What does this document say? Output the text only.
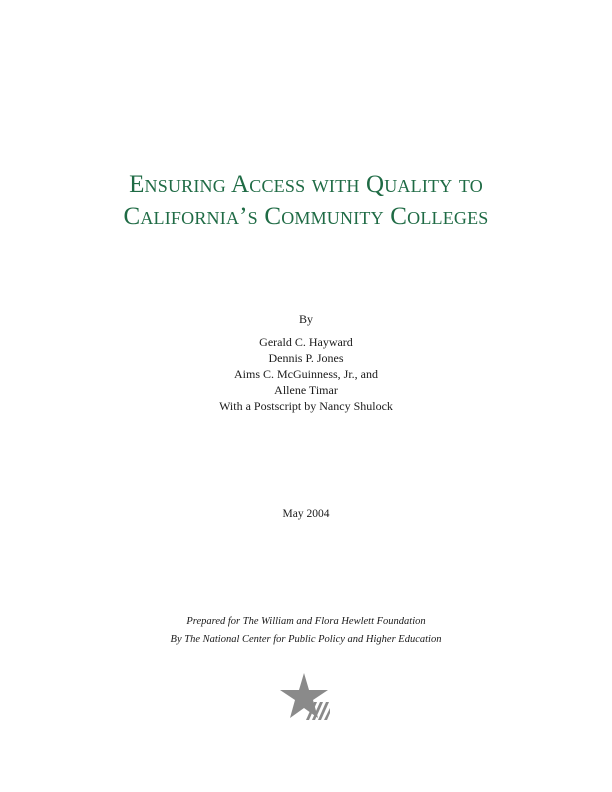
Ensuring Access with Quality to
California’s Community Colleges
By
Gerald C. Hayward
Dennis P. Jones
Aims C. McGuinness, Jr., and
Allene Timar
With a Postscript by Nancy Shulock
May 2004
Prepared for The William and Flora Hewlett Foundation
By The National Center for Public Policy and Higher Education
